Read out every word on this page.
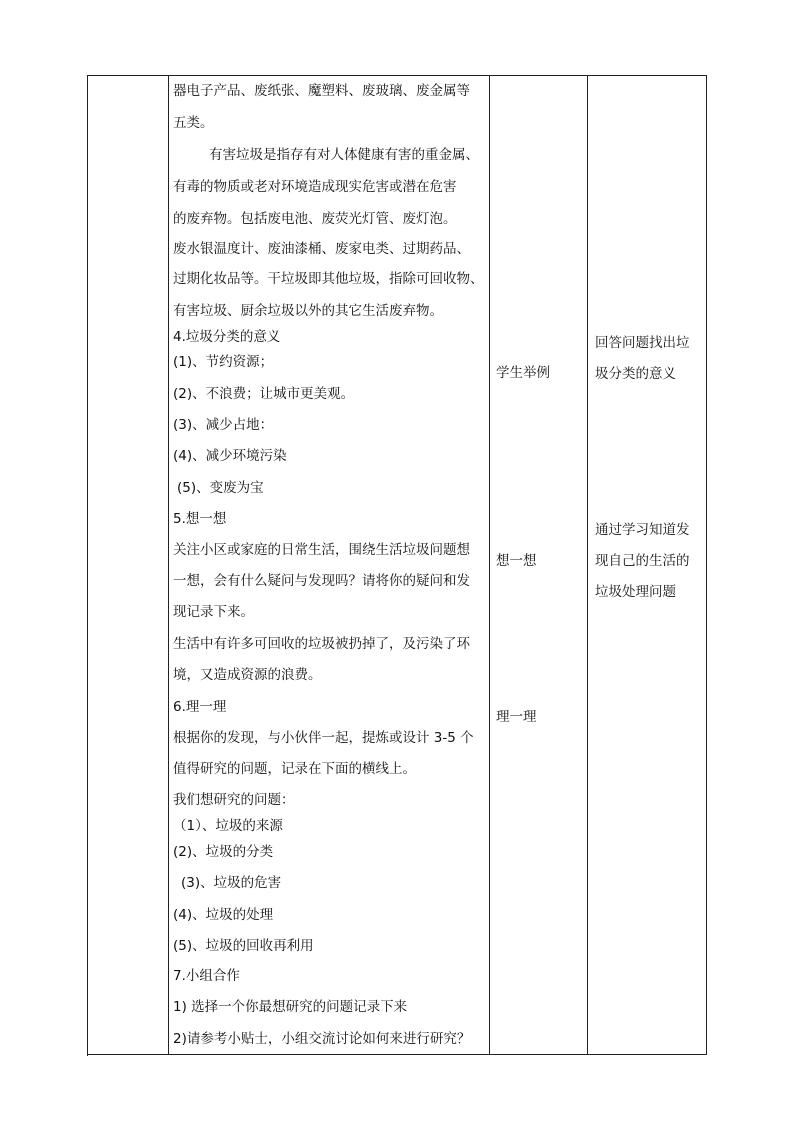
器电子产品、废纸张、魔塑料、废玻璃、废金属等
五类。
有害垃圾是指存有对人体健康有害的重金属、
有毒的物质或老对环境造成现实危害或潜在危害
的废弃物。包括废电池、废荧光灯管、废灯泡。
废水银温度计、废油漆桶、废家电类、过期药品、
过期化妆品等。干垃圾即其他垃圾，指除可回收物、
有害垃圾、厨余垃圾以外的其它生活废弃物。
4.垃圾分类的意义
(1)、节约资源；
(2)、不浪费；让城市更美观。
(3)、减少占地：
(4)、减少环境污染
(5)、变废为宝
5.想一想
关注小区或家庭的日常生活，围绕生活垃圾问题想
一想，会有什么疑问与发现吗？请将你的疑问和发
现记录下来。
生活中有许多可回收的垃圾被扔掉了，及污染了环
境，又造成资源的浪费。
6.理一理
根据你的发现，与小伙伴一起，提炼或设计 3-5 个
值得研究的问题，记录在下面的横线上。
我们想研究的问题：
（1）、垃圾的来源
(2)、垃圾的分类
(3)、垃圾的危害
(4)、垃圾的处理
(5)、垃圾的回收再利用
7.小组合作
1) 选择一个你最想研究的问题记录下来
2)请参考小贴士，小组交流讨论如何来进行研究？
学生举例
想一想
理一理
回答问题找出垃
圾分类的意义
通过学习知道发
现自己的生活的
垃圾处理问题
